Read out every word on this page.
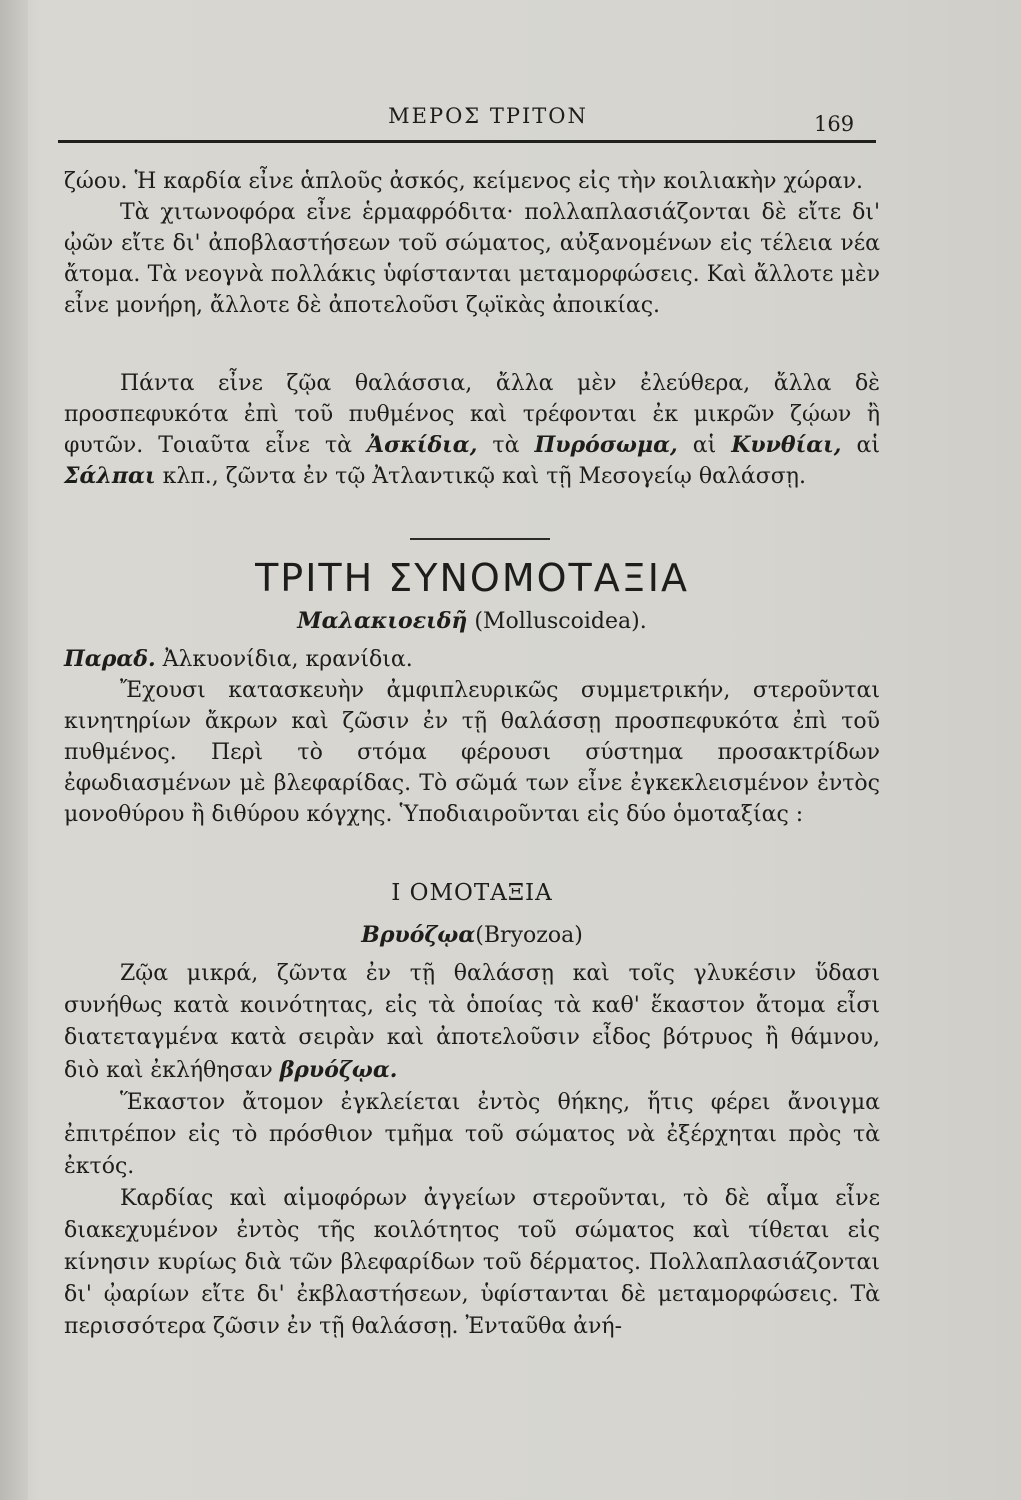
ΜΕΡΟΣ ΤΡΙΤΟΝ	169

ζώου. Ἡ καρδία εἶνε ἁπλοῦς ἀσκός, κείμενος εἰς τὴν κοιλιακὴν χώραν.

Τὰ χιτωνοφόρα εἶνε ἑρμαφρόδιτα· πολλαπλασιάζονται δὲ εἴτε δι' ᾠῶν εἴτε δι' ἀποβλαστήσεων τοῦ σώματος, αὐξανομένων εἰς τέλεια νέα ἄτομα. Τὰ νεογνὰ πολλάκις ὑφίστανται μεταμορφώσεις. Καὶ ἄλλοτε μὲν εἶνε μονήρη, ἄλλοτε δὲ ἀποτελοῦσι ζῳϊκὰς ἀποικίας.

Πάντα εἶνε ζῷα θαλάσσια, ἄλλα μὲν ἐλεύθερα, ἄλλα δὲ προσπεφυκότα ἐπὶ τοῦ πυθμένος καὶ τρέφονται ἐκ μικρῶν ζῴων ἢ φυτῶν. Τοιαῦτα εἶνε τὰ Ἀσκίδια, τὰ Πυρόσωμα, αἱ Κυνθίαι, αἱ Σάλπαι κλπ., ζῶντα ἐν τῷ Ἀτλαντικῷ καὶ τῇ Μεσογείῳ θαλάσσῃ.

ΤΡΙΤΗ ΣΥΝΟΜΟΤΑΞΙΑ
Μαλακιοειδῆ (Molluscoidea).

Παραδ. Ἀλκυονίδια, κρανίδια.

Ἔχουσι κατασκευὴν ἀμφιπλευρικῶς συμμετρικήν, στεροῦνται κινητηρίων ἄκρων καὶ ζῶσιν ἐν τῇ θαλάσσῃ προσπεφυκότα ἐπὶ τοῦ πυθμένος. Περὶ τὸ στόμα φέρουσι σύστημα προσακτρίδων ἐφωδιασμένων μὲ βλεφαρίδας. Τὸ σῶμά των εἶνε ἐγκεκλεισμένον ἐντὸς μονοθύρου ἢ διθύρου κόγχης. Ὑποδιαιροῦνται εἰς δύο ὁμοταξίας :

Ι ΟΜΟΤΑΞΙΑ
Βρυόζῳα(Bryozoa)

Ζῷα μικρά, ζῶντα ἐν τῇ θαλάσσῃ καὶ τοῖς γλυκέσιν ὕδασι συνήθως κατὰ κοινότητας, εἰς τὰ ὁποίας τὰ καθ' ἕκαστον ἄτομα εἶσι διατεταγμένα κατὰ σειρὰν καὶ ἀποτελοῦσιν εἶδος βότρυος ἢ θάμνου, διὸ καὶ ἐκλήθησαν βρυόζῳα.

Ἕκαστον ἄτομον ἐγκλείεται ἐντὸς θήκης, ἥτις φέρει ἄνοιγμα ἐπιτρέπον εἰς τὸ πρόσθιον τμῆμα τοῦ σώματος νὰ ἐξέρχηται πρὸς τὰ ἐκτός.

Καρδίας καὶ αἱμοφόρων ἀγγείων στεροῦνται, τὸ δὲ αἷμα εἶνε διακεχυμένον ἐντὸς τῆς κοιλότητος τοῦ σώματος καὶ τίθεται εἰς κίνησιν κυρίως διὰ τῶν βλεφαρίδων τοῦ δέρματος. Πολλαπλασιάζονται δι' ᾠαρίων εἴτε δι' ἐκβλαστήσεων, ὑφίστανται δὲ μεταμορφώσεις. Τὰ περισσότερα ζῶσιν ἐν τῇ θαλάσσῃ. Ἐνταῦθα ἀνή-
